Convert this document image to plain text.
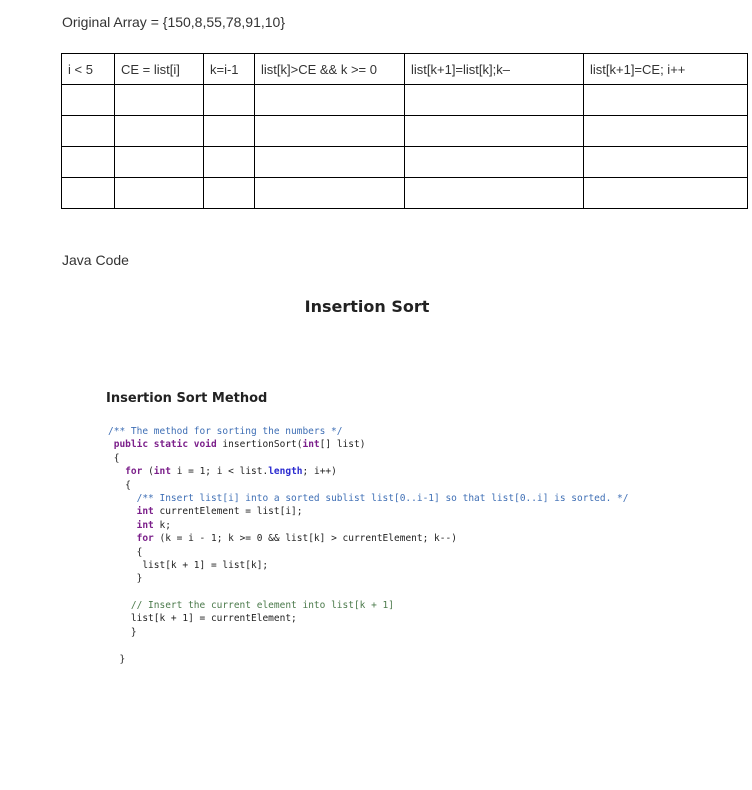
Original Array = {150,8,55,78,91,10}
i < 5	CE = list[i]	k=i-1	list[k]>CE && k >= 0	list[k+1]=list[k];k–	list[k+1]=CE; i++

Java Code
Insertion Sort
Insertion Sort Method
/** The method for sorting the numbers */
public static void insertionSort(int[] list)
{
for (int i = 1; i < list.length; i++)
{
/** Insert list[i] into a sorted sublist list[0..i-1] so that list[0..i] is sorted. */
int currentElement = list[i];
int k;
for (k = i - 1; k >= 0 && list[k] > currentElement; k--)
{
list[k + 1] = list[k];
}

// Insert the current element into list[k + 1]
list[k + 1] = currentElement;
}

}
